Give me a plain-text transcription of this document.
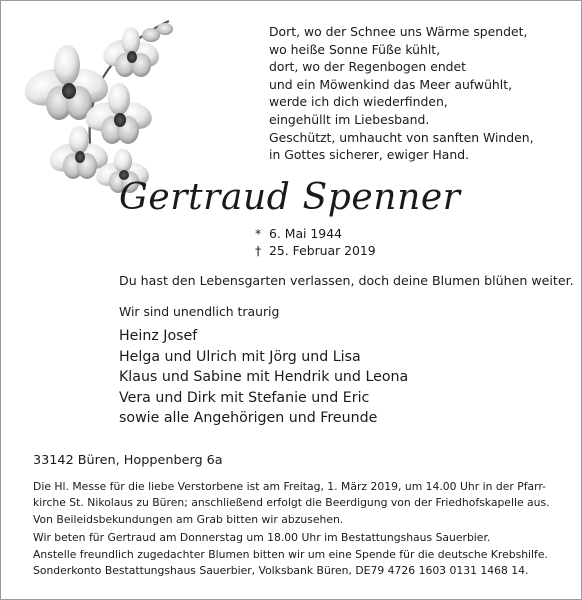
Dort, wo der Schnee uns Wärme spendet,
wo heiße Sonne Füße kühlt,
dort, wo der Regenbogen endet
und ein Möwenkind das Meer aufwühlt,
werde ich dich wiederfinden,
eingehüllt im Liebesband.
Geschützt, umhaucht von sanften Winden,
in Gottes sicherer, ewiger Hand.
Gertraud Spenner
* 6. Mai 1944
† 25. Februar 2019
Du hast den Lebensgarten verlassen, doch deine Blumen blühen weiter.
Wir sind unendlich traurig
Heinz Josef
Helga und Ulrich mit Jörg und Lisa
Klaus und Sabine mit Hendrik und Leona
Vera und Dirk mit Stefanie und Eric
sowie alle Angehörigen und Freunde
33142 Büren, Hoppenberg 6a
Die Hl. Messe für die liebe Verstorbene ist am Freitag, 1. März 2019, um 14.00 Uhr in der Pfarr-
kirche St. Nikolaus zu Büren; anschließend erfolgt die Beerdigung von der Friedhofskapelle aus.
Von Beileidsbekundungen am Grab bitten wir abzusehen.
Wir beten für Gertraud am Donnerstag um 18.00 Uhr im Bestattungshaus Sauerbier.
Anstelle freundlich zugedachter Blumen bitten wir um eine Spende für die deutsche Krebshilfe.
Sonderkonto Bestattungshaus Sauerbier, Volksbank Büren, DE79 4726 1603 0131 1468 14.
